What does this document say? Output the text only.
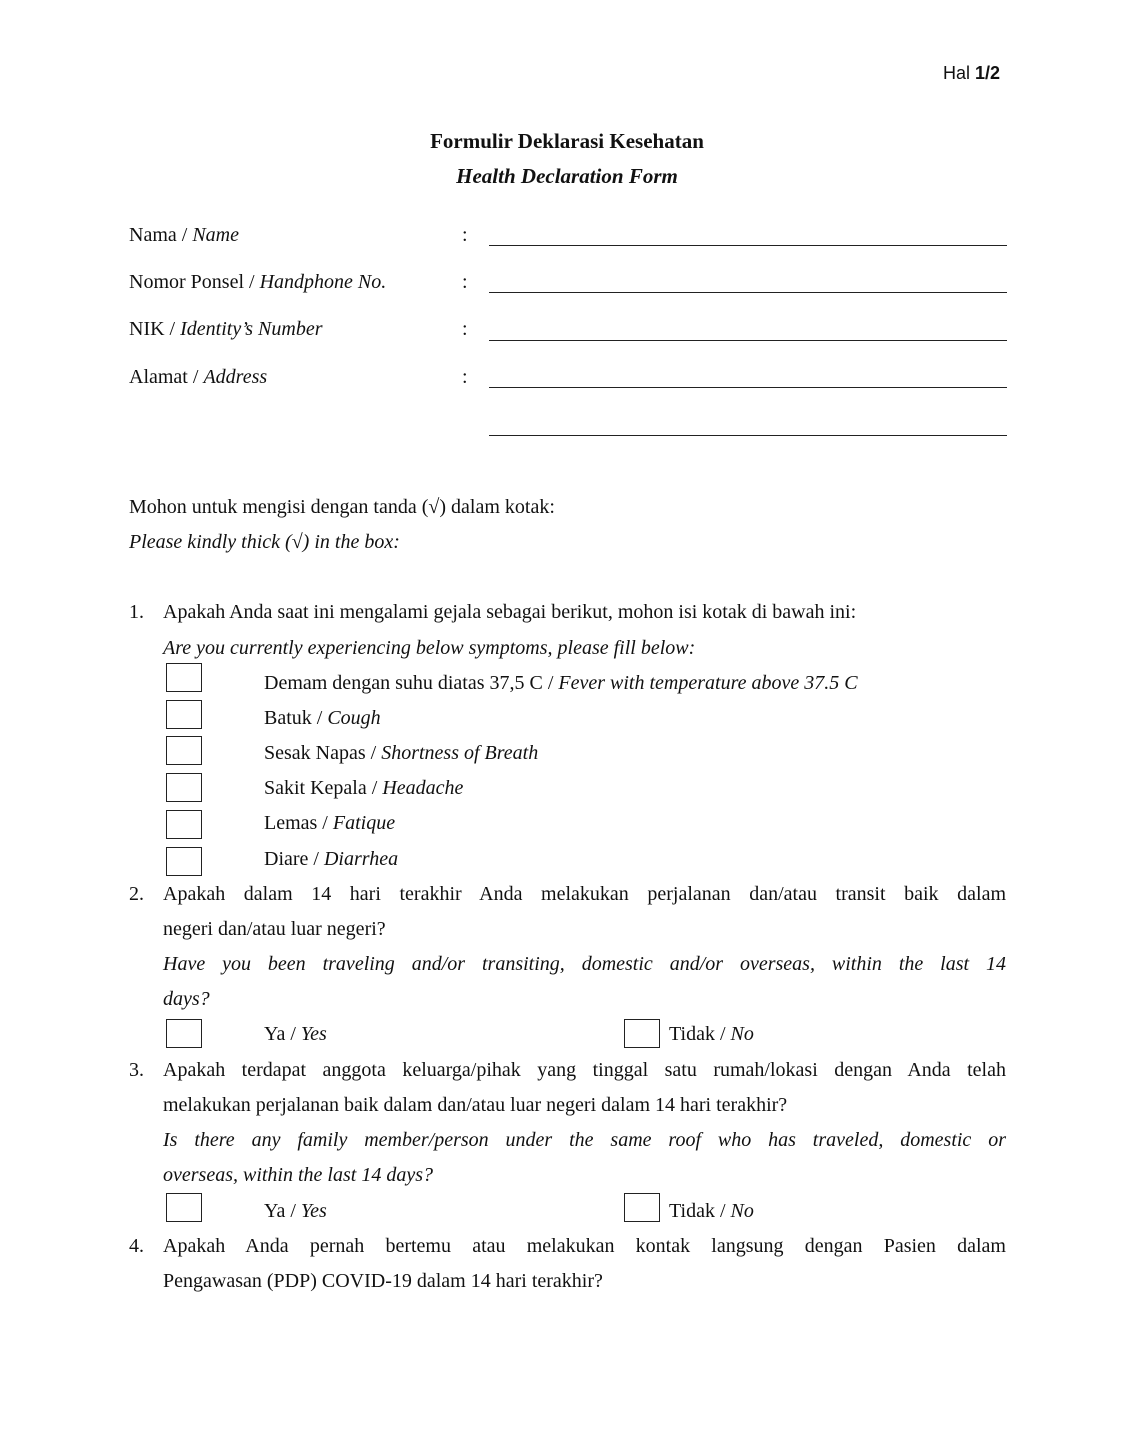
Hal 1/2
Formulir Deklarasi Kesehatan
Health Declaration Form
Nama / Name	:
Nomor Ponsel / Handphone No.	:
NIK / Identity’s Number	:
Alamat / Address	:
Mohon untuk mengisi dengan tanda (√) dalam kotak:
Please kindly thick (√) in the box:
1. Apakah Anda saat ini mengalami gejala sebagai berikut, mohon isi kotak di bawah ini:
Are you currently experiencing below symptoms, please fill below:
Demam dengan suhu diatas 37,5 C / Fever with temperature above 37.5 C
Batuk / Cough
Sesak Napas / Shortness of Breath
Sakit Kepala / Headache
Lemas / Fatique
Diare / Diarrhea
2. Apakah dalam 14 hari terakhir Anda melakukan perjalanan dan/atau transit baik dalam
negeri dan/atau luar negeri?
Have you been traveling and/or transiting, domestic and/or overseas, within the last 14
days?
Ya / Yes	Tidak / No
3. Apakah terdapat anggota keluarga/pihak yang tinggal satu rumah/lokasi dengan Anda telah
melakukan perjalanan baik dalam dan/atau luar negeri dalam 14 hari terakhir?
Is there any family member/person under the same roof who has traveled, domestic or
overseas, within the last 14 days?
Ya / Yes	Tidak / No
4. Apakah Anda pernah bertemu atau melakukan kontak langsung dengan Pasien dalam
Pengawasan (PDP) COVID-19 dalam 14 hari terakhir?
